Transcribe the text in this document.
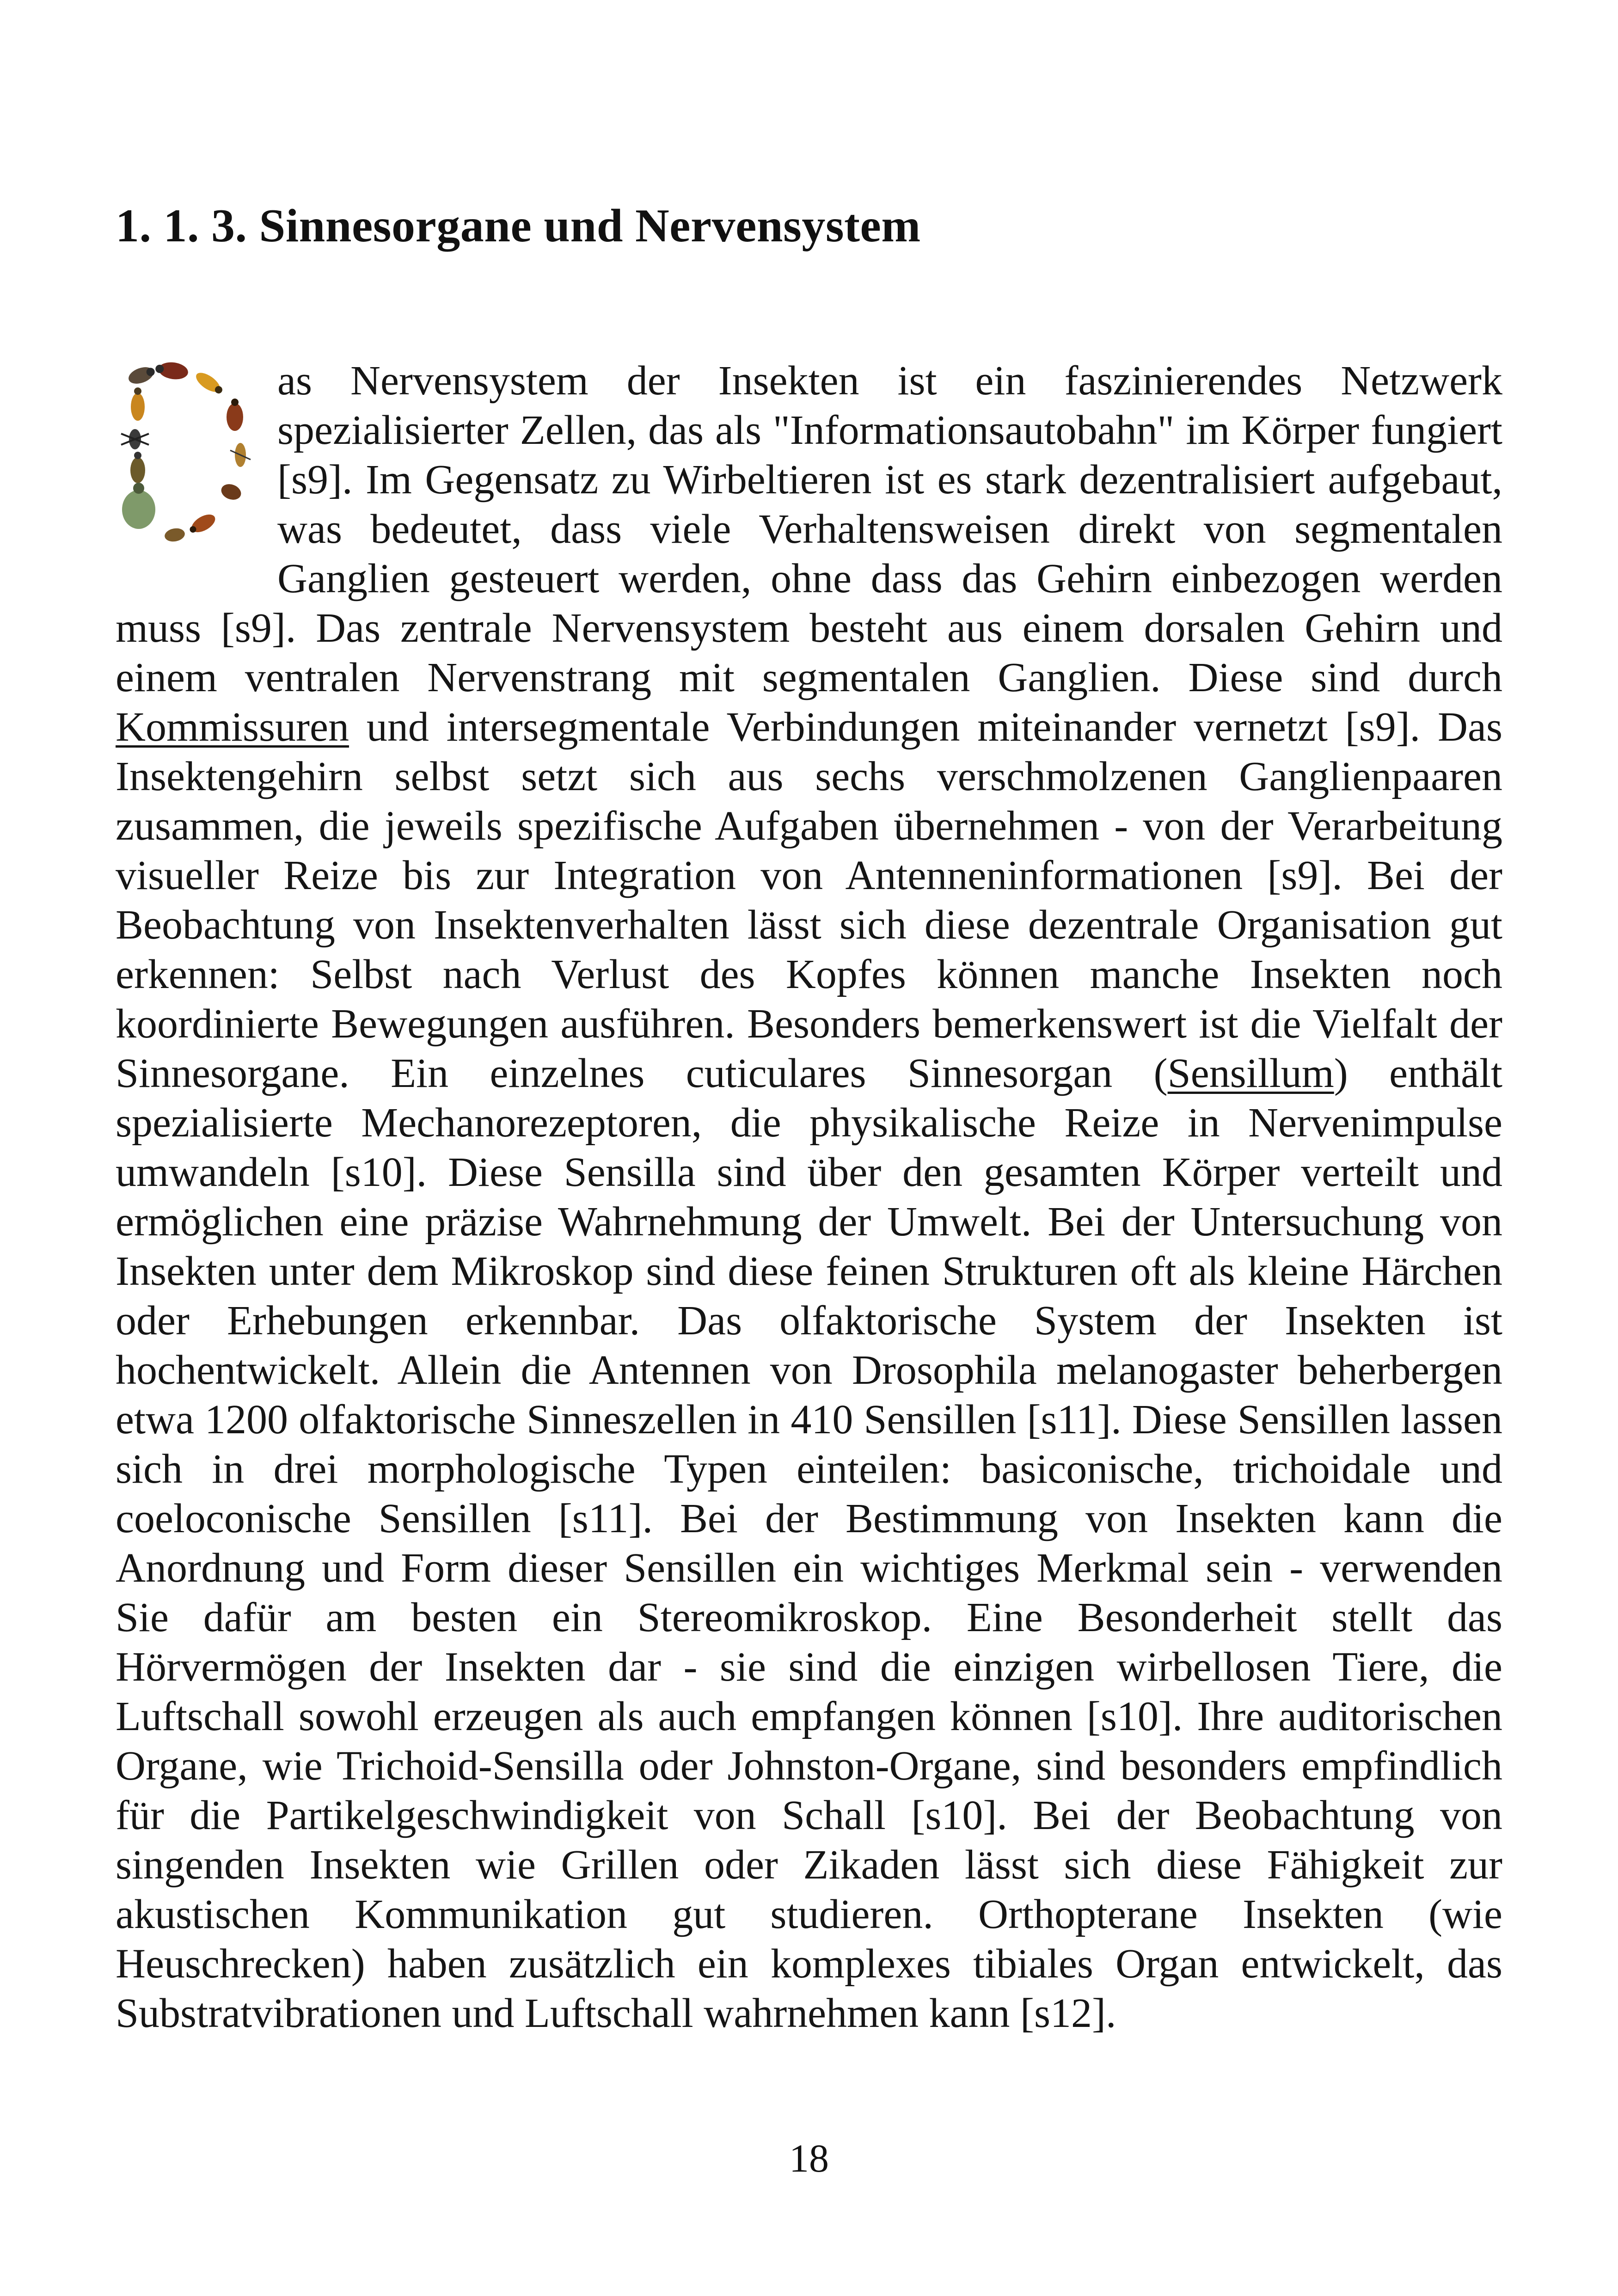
1. 1. 3. Sinnesorgane und Nervensystem

as Nervensystem der Insekten ist ein faszinierendes Netzwerk spezialisierter Zellen, das als "Informationsautobahn" im Körper fungiert [s9]. Im Gegensatz zu Wirbeltieren ist es stark dezentralisiert aufgebaut, was bedeutet, dass viele Verhaltensweisen direkt von segmentalen Ganglien gesteuert werden, ohne dass das Gehirn einbezogen werden muss [s9]. Das zentrale Nervensystem besteht aus einem dorsalen Gehirn und einem ventralen Nervenstrang mit segmentalen Ganglien. Diese sind durch Kommissuren und intersegmentale Verbindungen miteinander vernetzt [s9]. Das Insektengehirn selbst setzt sich aus sechs verschmolzenen Ganglienpaaren zusammen, die jeweils spezifische Aufgaben übernehmen - von der Verarbeitung visueller Reize bis zur Integration von Antenneninformationen [s9]. Bei der Beobachtung von Insektenverhalten lässt sich diese dezentrale Organisation gut erkennen: Selbst nach Verlust des Kopfes können manche Insekten noch koordinierte Bewegungen ausführen. Besonders bemerkenswert ist die Vielfalt der Sinnesorgane. Ein einzelnes cuticulares Sinnesorgan (Sensillum) enthält spezialisierte Mechanorezeptoren, die physikalische Reize in Nervenimpulse umwandeln [s10]. Diese Sensilla sind über den gesamten Körper verteilt und ermöglichen eine präzise Wahrnehmung der Umwelt. Bei der Untersuchung von Insekten unter dem Mikroskop sind diese feinen Strukturen oft als kleine Härchen oder Erhebungen erkennbar. Das olfaktorische System der Insekten ist hochentwickelt. Allein die Antennen von Drosophila melanogaster beherbergen etwa 1200 olfaktorische Sinneszellen in 410 Sensillen [s11]. Diese Sensillen lassen sich in drei morphologische Typen einteilen: basiconische, trichoidale und coeloconische Sensillen [s11]. Bei der Bestimmung von Insekten kann die Anordnung und Form dieser Sensillen ein wichtiges Merkmal sein - verwenden Sie dafür am besten ein Stereomikroskop. Eine Besonderheit stellt das Hörvermögen der Insekten dar - sie sind die einzigen wirbellosen Tiere, die Luftschall sowohl erzeugen als auch empfangen können [s10]. Ihre auditorischen Organe, wie Trichoid-Sensilla oder Johnston-Organe, sind besonders empfindlich für die Partikelgeschwindigkeit von Schall [s10]. Bei der Beobachtung von singenden Insekten wie Grillen oder Zikaden lässt sich diese Fähigkeit zur akustischen Kommunikation gut studieren. Orthopterane Insekten (wie Heuschrecken) haben zusätzlich ein komplexes tibiales Organ entwickelt, das Substratvibrationen und Luftschall wahrnehmen kann [s12].

18
